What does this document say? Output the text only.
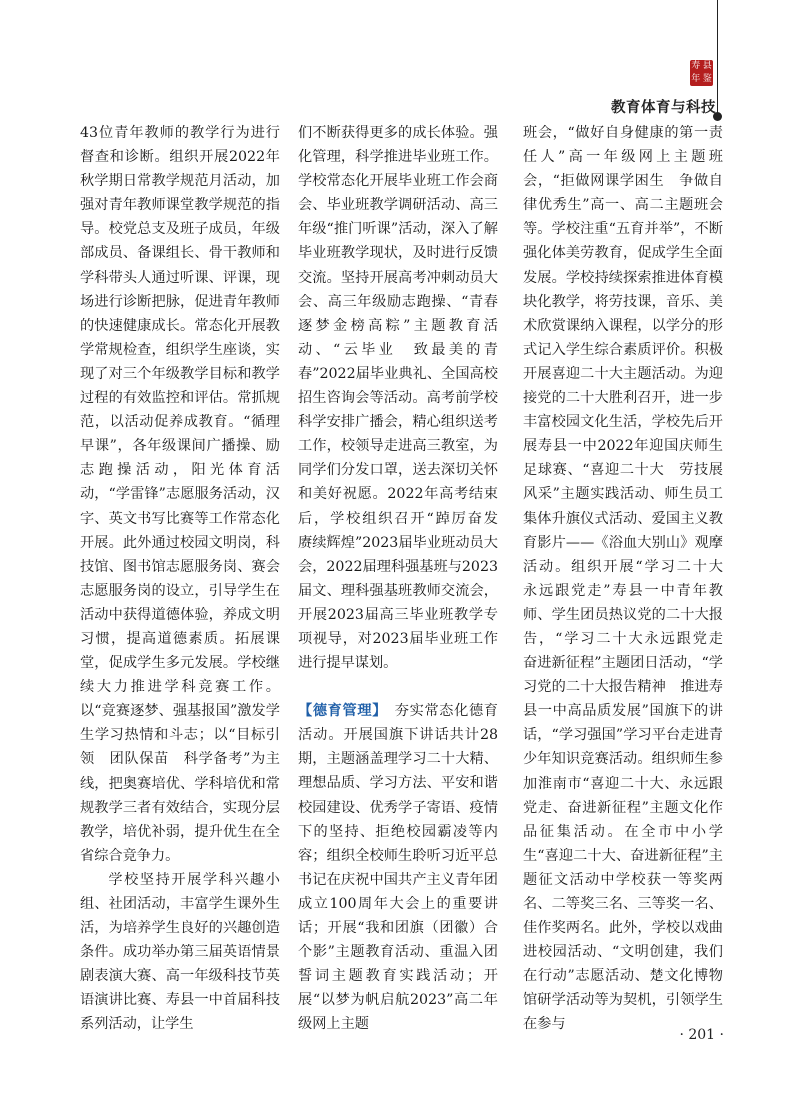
寿 县
年 鉴
教育体育与科技

43位青年教师的教学行为进行督查和诊断。组织开展2022年秋学期日常教学规范月活动，加强对青年教师课堂教学规范的指导。校党总支及班子成员，年级部成员、备课组长、骨干教师和学科带头人通过听课、评课，现场进行诊断把脉，促进青年教师的快速健康成长。常态化开展教学常规检查，组织学生座谈，实现了对三个年级教学目标和教学过程的有效监控和评估。常抓规范，以活动促养成教育。“循理早课”，各年级课间广播操、励志跑操活动，阳光体育活动，“学雷锋”志愿服务活动，汉字、英文书写比赛等工作常态化开展。此外通过校园文明岗，科技馆、图书馆志愿服务岗、赛会志愿服务岗的设立，引导学生在活动中获得道德体验，养成文明习惯，提高道德素质。拓展课堂，促成学生多元发展。学校继续大力推进学科竞赛工作。以“竞赛逐梦、强基报国”激发学生学习热情和斗志；以“目标引领　团队保苗　科学备考”为主线，把奥赛培优、学科培优和常规教学三者有效结合，实现分层教学，培优补弱，提升优生在全省综合竞争力。

学校坚持开展学科兴趣小组、社团活动，丰富学生课外生活，为培养学生良好的兴趣创造条件。成功举办第三届英语情景剧表演大赛、高一年级科技节英语演讲比赛、寿县一中首届科技系列活动，让学生

们不断获得更多的成长体验。强化管理，科学推进毕业班工作。学校常态化开展毕业班工作会商会、毕业班教学调研活动、高三年级“推门听课”活动，深入了解毕业班教学现状，及时进行反馈交流。坚持开展高考冲刺动员大会、高三年级励志跑操、“青春逐梦金榜高粽”主题教育活动、“云毕业　致最美的青春”2022届毕业典礼、全国高校招生咨询会等活动。高考前学校科学安排广播会，精心组织送考工作，校领导走进高三教室，为同学们分发口罩，送去深切关怀和美好祝愿。2022年高考结束后，学校组织召开“踔厉奋发　赓续辉煌”2023届毕业班动员大会，2022届理科强基班与2023届文、理科强基班教师交流会，开展2023届高三毕业班教学专项视导，对2023届毕业班工作进行提早谋划。

【德育管理】　夯实常态化德育活动。开展国旗下讲话共计28期，主题涵盖理学习二十大精、理想品质、学习方法、平安和谐校园建设、优秀学子寄语、疫情下的坚持、拒绝校园霸凌等内容；组织全校师生聆听习近平总书记在庆祝中国共产主义青年团成立100周年大会上的重要讲话；开展“我和团旗（团徽）合个影”主题教育活动、重温入团誓词主题教育实践活动；开展“以梦为帆启航2023”高二年级网上主题

班会，“做好自身健康的第一责任人”高一年级网上主题班会，“拒做网课学困生　争做自律优秀生”高一、高二主题班会等。学校注重“五育并举”，不断强化体美劳教育，促成学生全面发展。学校持续探索推进体育模块化教学，将劳技课，音乐、美术欣赏课纳入课程，以学分的形式记入学生综合素质评价。积极开展喜迎二十大主题活动。为迎接党的二十大胜利召开，进一步丰富校园文化生活，学校先后开展寿县一中2022年迎国庆师生足球赛、“喜迎二十大　劳技展风采”主题实践活动、师生员工集体升旗仪式活动、爱国主义教育影片——《浴血大别山》观摩活动。组织开展“学习二十大　永远跟党走”寿县一中青年教师、学生团员热议党的二十大报告，“学习二十大永远跟党走　奋进新征程”主题团日活动，“学习党的二十大报告精神　推进寿县一中高品质发展”国旗下的讲话，“学习强国”学习平台走进青少年知识竞赛活动。组织师生参加淮南市“喜迎二十大、永远跟党走、奋进新征程”主题文化作品征集活动。在全市中小学生“喜迎二十大、奋进新征程”主题征文活动中学校获一等奖两名、二等奖三名、三等奖一名、佳作奖两名。此外，学校以戏曲进校园活动、“文明创建，我们在行动”志愿活动、楚文化博物馆研学活动等为契机，引领学生在参与

· 201 ·
